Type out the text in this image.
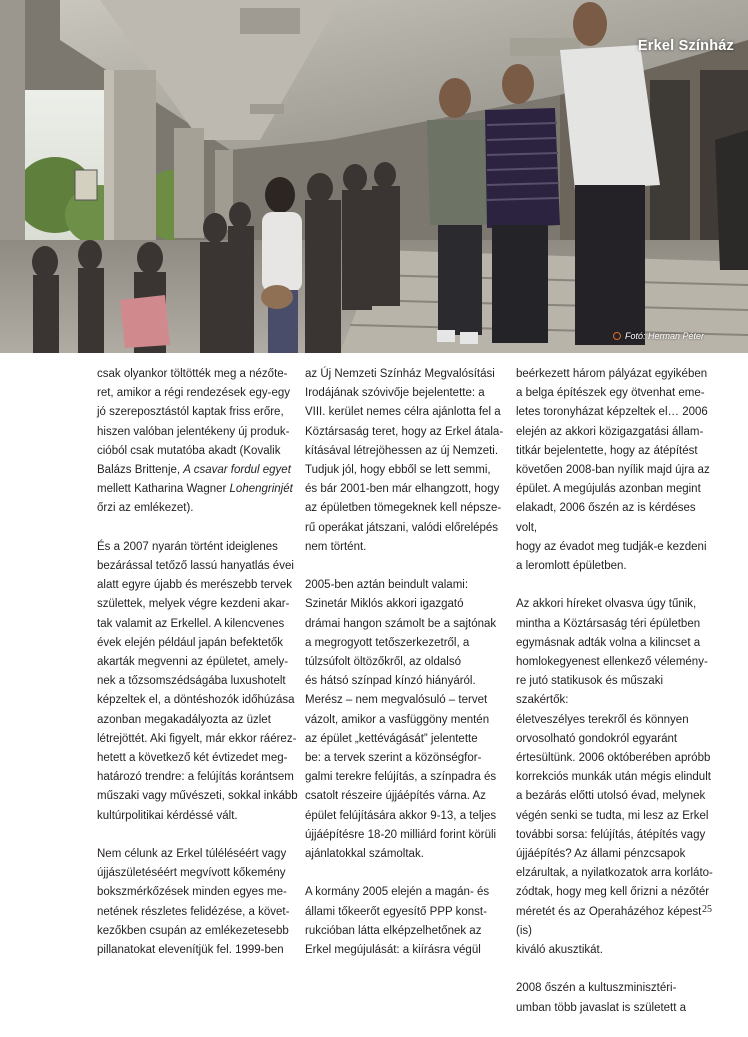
Erkel Színház
Fotó: Herman Péter

csak olyankor töltötték meg a nézőte-
ret, amikor a régi rendezések egy-egy
jó szereposztástól kaptak friss erőre,
hiszen valóban jelentékeny új produk-
cióból csak mutatóba akadt (Kovalik
Balázs Brittenje, A csavar fordul egyet
mellett Katharina Wagner Lohengrinjét
őrzi az emlékezet).

És a 2007 nyarán történt ideiglenes
bezárással tetőző lassú hanyatlás évei
alatt egyre újabb és merészebb tervek
születtek, melyek végre kezdeni akar-
tak valamit az Erkellel. A kilencvenes
évek elején például japán befektetők
akarták megvenni az épületet, amely-
nek a tőzsomszédságába luxushotelt
képzeltek el, a döntéshozók időhúzása
azonban megakadályozta az üzlet
létrejöttét. Aki figyelt, már ekkor ráérez-
hetett a következő két évtizedet meg-
határozó trendre: a felújítás korántsem
műszaki vagy művészeti, sokkal inkább
kultúrpolitikai kérdéssé vált.

Nem célunk az Erkel túléléséért vagy
újjászületéséért megvívott kőkemény
bokszmérkőzések minden egyes me-
netének részletes felidézése, a követ-
kezőkben csupán az emlékezetesebb
pillanatokat elevenítjük fel. 1999-ben

az Új Nemzeti Színház Megvalósítási
Irodájának szóvivője bejelentette: a
VIII. kerület nemes célra ajánlotta fel a
Köztársaság teret, hogy az Erkel átala-
kításával létrejöhessen az új Nemzeti.
Tudjuk jól, hogy ebből se lett semmi,
és bár 2001-ben már elhangzott, hogy
az épületben tömegeknek kell népsze-
rű operákat játszani, valódi előrelépés
nem történt.

2005-ben aztán beindult valami:
Szinetár Miklós akkori igazgató
drámai hangon számolt be a sajtónak
a megrogyott tetőszerkezetről, a
túlzsúfolt öltözőkről, az oldalsó
és hátsó színpad kínzó hiányáról.
Merész – nem megvalósuló – tervet
vázolt, amikor a vasfüggöny mentén
az épület „kettévágását” jelentette
be: a tervek szerint a közönségfor-
galmi terekre felújítás, a színpadra és
csatolt részeire újjáépítés várna. Az
épület felújítására akkor 9-13, a teljes
újjáépítésre 18-20 milliárd forint körüli
ajánlatokkal számoltak.

A kormány 2005 elején a magán- és
állami tőkeerőt egyesítő PPP konst-
rukcióban látta elképzelhetőnek az
Erkel megújulását: a kiírásra végül

beérkezett három pályázat egyikében
a belga építészek egy ötvenhat eme-
letes toronyházat képzeltek el… 2006
elején az akkori közigazgatási állam-
titkár bejelentette, hogy az átépítést
követően 2008-ban nyílik majd újra az
épület. A megújulás azonban megint
elakadt, 2006 őszén az is kérdéses volt,
hogy az évadot meg tudják-e kezdeni
a leromlott épületben.

Az akkori híreket olvasva úgy tűnik,
mintha a Köztársaság téri épületben
egymásnak adták volna a kilincset a
homlokegyenest ellenkező vélemény-
re jutó statikusok és műszaki szakértők:
életveszélyes terekről és könnyen
orvosolható gondokról egyaránt
értesültünk. 2006 októberében apróbb
korrekciós munkák után mégis elindult
a bezárás előtti utolsó évad, melynek
végén senki se tudta, mi lesz az Erkel
további sorsa: felújítás, átépítés vagy
újjáépítés? Az állami pénzcsapok
elzárultak, a nyilatkozatok arra korláto-
zódtak, hogy meg kell őrizni a nézőtér
méretét és az Operaházéhoz képest (is)
kiváló akusztikát.

2008 őszén a kultuszminisztéri-
umban több javaslat is született a

25
